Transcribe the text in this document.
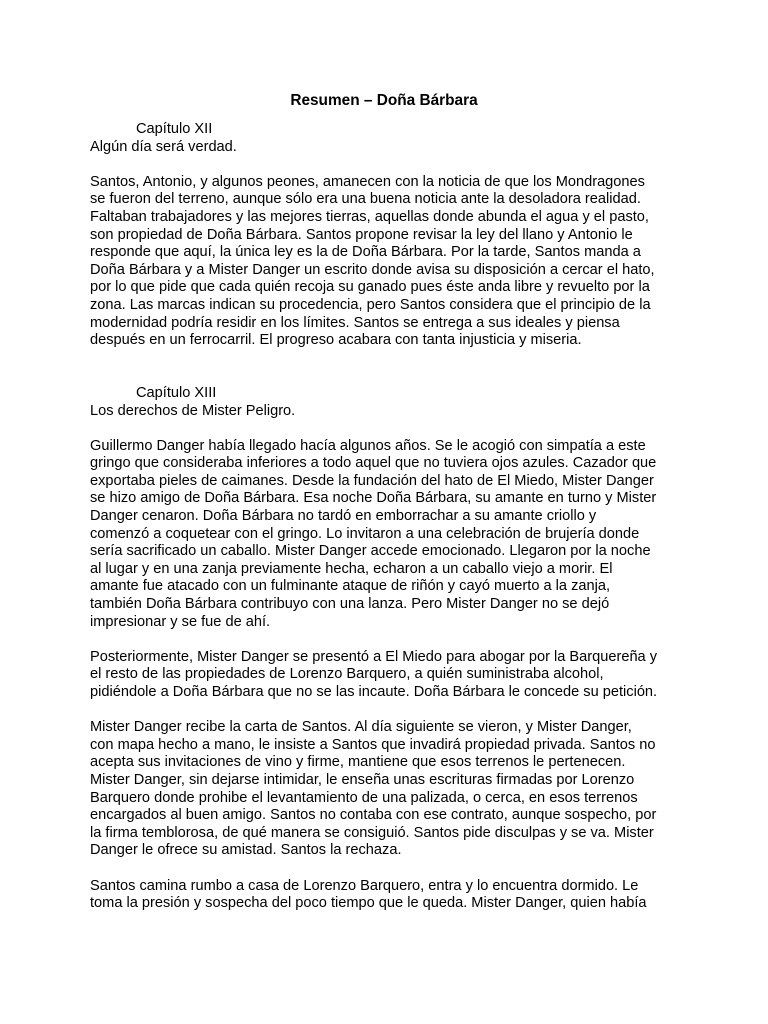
Resumen – Doña Bárbara
Capítulo XII
Algún día será verdad.
Santos, Antonio, y algunos peones, amanecen con la noticia de que los Mondragones
se fueron del terreno, aunque sólo era una buena noticia ante la desoladora realidad.
Faltaban trabajadores y las mejores tierras, aquellas donde abunda el agua y el pasto,
son propiedad de Doña Bárbara. Santos propone revisar la ley del llano y Antonio le
responde que aquí, la única ley es la de Doña Bárbara. Por la tarde, Santos manda a
Doña Bárbara y a Mister Danger un escrito donde avisa su disposición a cercar el hato,
por lo que pide que cada quién recoja su ganado pues éste anda libre y revuelto por la
zona. Las marcas indican su procedencia, pero Santos considera que el principio de la
modernidad podría residir en los límites. Santos se entrega a sus ideales y piensa
después en un ferrocarril. El progreso acabara con tanta injusticia y miseria.
Capítulo XIII
Los derechos de Mister Peligro.
Guillermo Danger había llegado hacía algunos años. Se le acogió con simpatía a este
gringo que consideraba inferiores a todo aquel que no tuviera ojos azules. Cazador que
exportaba pieles de caimanes. Desde la fundación del hato de El Miedo, Mister Danger
se hizo amigo de Doña Bárbara. Esa noche Doña Bárbara, su amante en turno y Mister
Danger cenaron. Doña Bárbara no tardó en emborrachar a su amante criollo y
comenzó a coquetear con el gringo. Lo invitaron a una celebración de brujería donde
sería sacrificado un caballo. Mister Danger accede emocionado. Llegaron por la noche
al lugar y en una zanja previamente hecha, echaron a un caballo viejo a morir. El
amante fue atacado con un fulminante ataque de riñón y cayó muerto a la zanja,
también Doña Bárbara contribuyo con una lanza. Pero Mister Danger no se dejó
impresionar y se fue de ahí.
Posteriormente, Mister Danger se presentó a El Miedo para abogar por la Barquereña y
el resto de las propiedades de Lorenzo Barquero, a quién suministraba alcohol,
pidiéndole a Doña Bárbara que no se las incaute. Doña Bárbara le concede su petición.
Mister Danger recibe la carta de Santos. Al día siguiente se vieron, y Mister Danger,
con mapa hecho a mano, le insiste a Santos que invadirá propiedad privada. Santos no
acepta sus invitaciones de vino y firme, mantiene que esos terrenos le pertenecen.
Mister Danger, sin dejarse intimidar, le enseña unas escrituras firmadas por Lorenzo
Barquero donde prohibe el levantamiento de una palizada, o cerca, en esos terrenos
encargados al buen amigo. Santos no contaba con ese contrato, aunque sospecho, por
la firma temblorosa, de qué manera se consiguió. Santos pide disculpas y se va. Mister
Danger le ofrece su amistad. Santos la rechaza.
Santos camina rumbo a casa de Lorenzo Barquero, entra y lo encuentra dormido. Le
toma la presión y sospecha del poco tiempo que le queda. Mister Danger, quien había
